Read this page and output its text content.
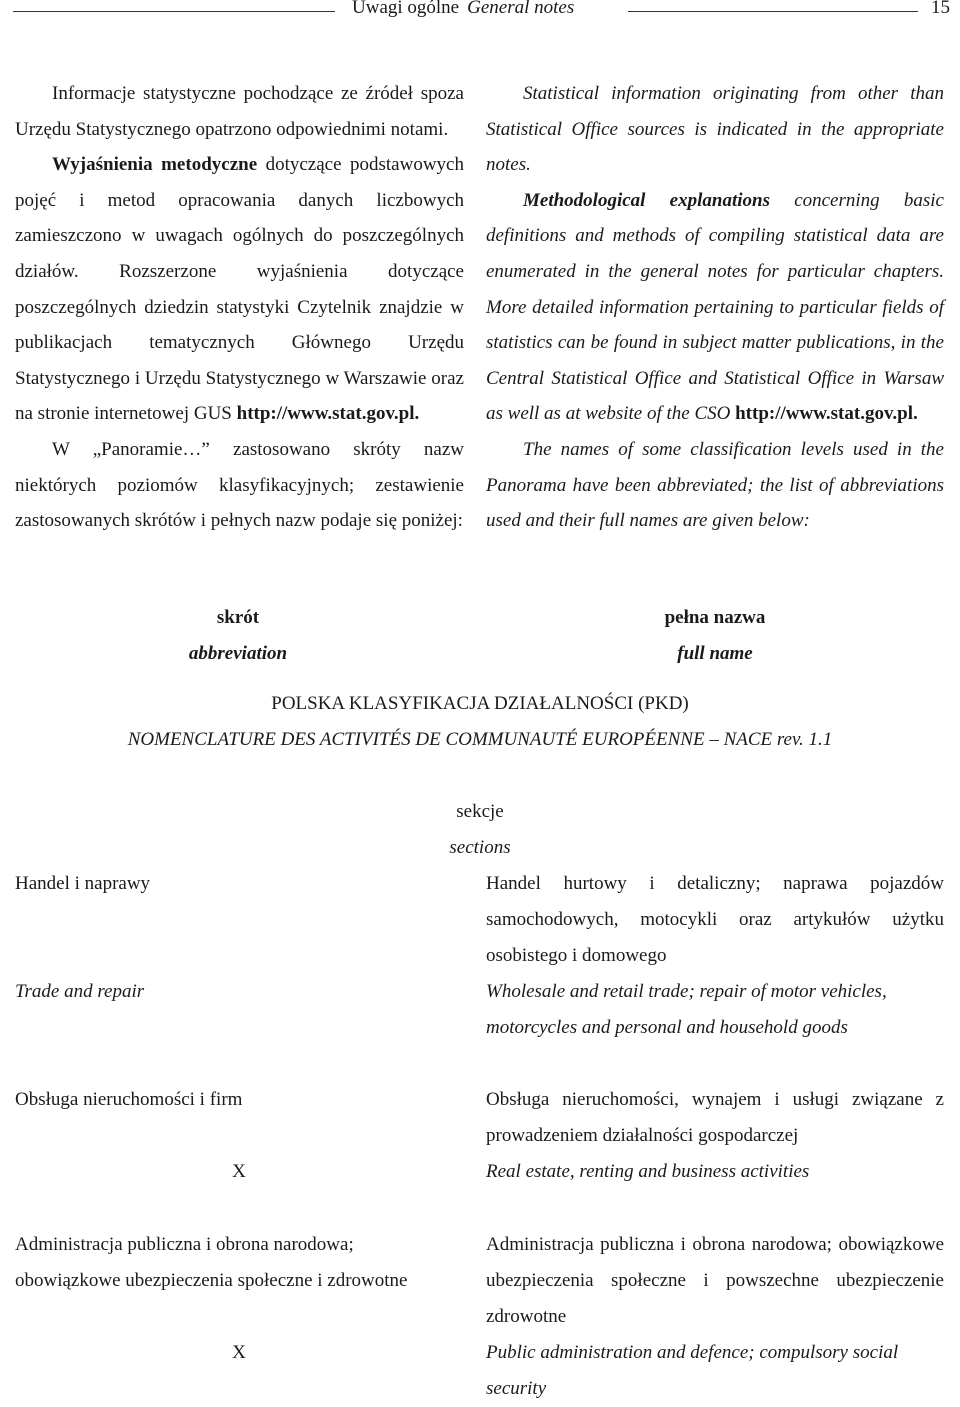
Uwagi ogólne General notes	15

Informacje statystyczne pochodzące ze źródeł spoza Urzędu Statystycznego opatrzono odpowiednimi notami.

Wyjaśnienia metodyczne dotyczące podstawowych pojęć i metod opracowania danych liczbowych zamieszczono w uwagach ogólnych do poszczególnych działów. Rozszerzone wyjaśnienia dotyczące poszczególnych dziedzin statystyki Czytelnik znajdzie w publikacjach tematycznych Głównego Urzędu Statystycznego i Urzędu Statystycznego w Warszawie oraz na stronie internetowej GUS http://www.stat.gov.pl.

W „Panoramie…” zastosowano skróty nazw niektórych poziomów klasyfikacyjnych; zestawienie zastosowanych skrótów i pełnych nazw podaje się poniżej:

Statistical information originating from other than Statistical Office sources is indicated in the appropriate notes.

Methodological explanations concerning basic definitions and methods of compiling statistical data are enumerated in the general notes for particular chapters. More detailed information pertaining to particular fields of statistics can be found in subject matter publications, in the Central Statistical Office and Statistical Office in Warsaw as well as at website of the CSO http://www.stat.gov.pl.

The names of some classification levels used in the Panorama have been abbreviated; the list of abbreviations used and their full names are given below:

skrót
abbreviation
pełna nazwa
full name
POLSKA KLASYFIKACJA DZIAŁALNOŚCI (PKD)
NOMENCLATURE DES ACTIVITÉS DE COMMUNAUTÉ EUROPÉENNE – NACE rev. 1.1
sekcje
sections
Handel i naprawy
Trade and repair
Handel hurtowy i detaliczny; naprawa pojazdów samochodowych, motocykli oraz artykułów użytku osobistego i domowego
Wholesale and retail trade; repair of motor vehicles, motorcycles and personal and household goods
Obsługa nieruchomości i firm
X
Obsługa nieruchomości, wynajem i usługi związane z prowadzeniem działalności gospodarczej
Real estate, renting and business activities
Administracja publiczna i obrona narodowa; obowiązkowe ubezpieczenia społeczne i zdrowotne
X
Administracja publiczna i obrona narodowa; obowiązkowe ubezpieczenia społeczne i powszechne ubezpieczenie zdrowotne
Public administration and defence; compulsory social security
